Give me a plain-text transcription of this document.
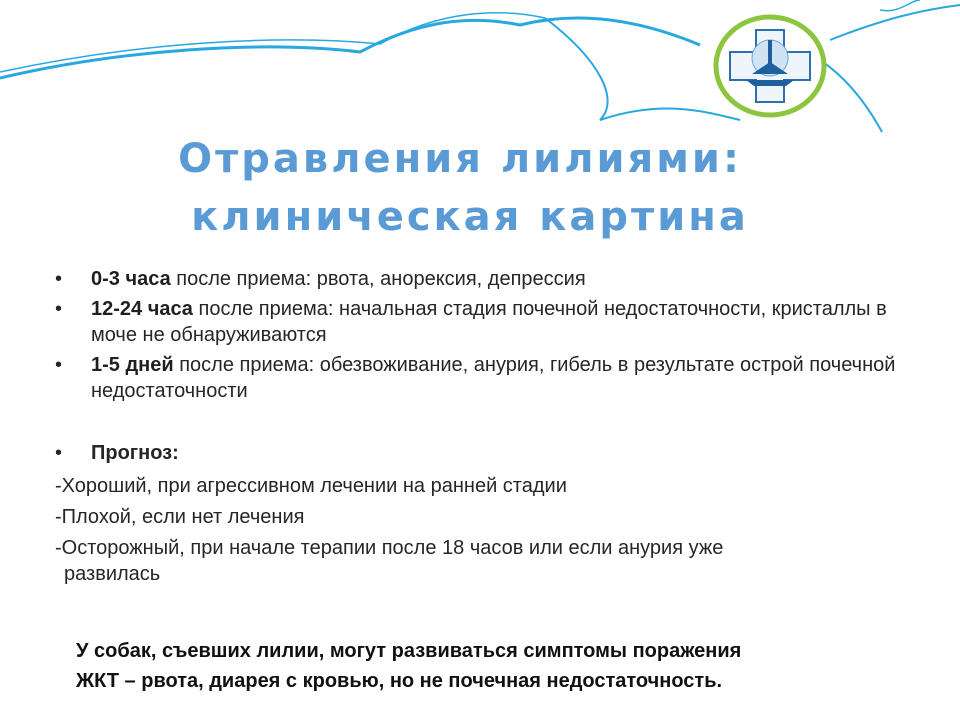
Отравления лилиями:
клиническая картина
• 0-3 часа после приема: рвота, анорексия, депрессия
• 12-24 часа после приема: начальная стадия почечной недостаточности, кристаллы в моче не обнаруживаются
• 1-5 дней после приема: обезвоживание, анурия, гибель в результате острой почечной недостаточности
• Прогноз:
-Хороший, при агрессивном лечении на ранней стадии
-Плохой, если нет лечения
-Осторожный, при начале терапии после 18 часов или если анурия уже
развилась
У собак, съевших лилии, могут развиваться симптомы поражения
ЖКТ – рвота, диарея с кровью, но не почечная недостаточность.
